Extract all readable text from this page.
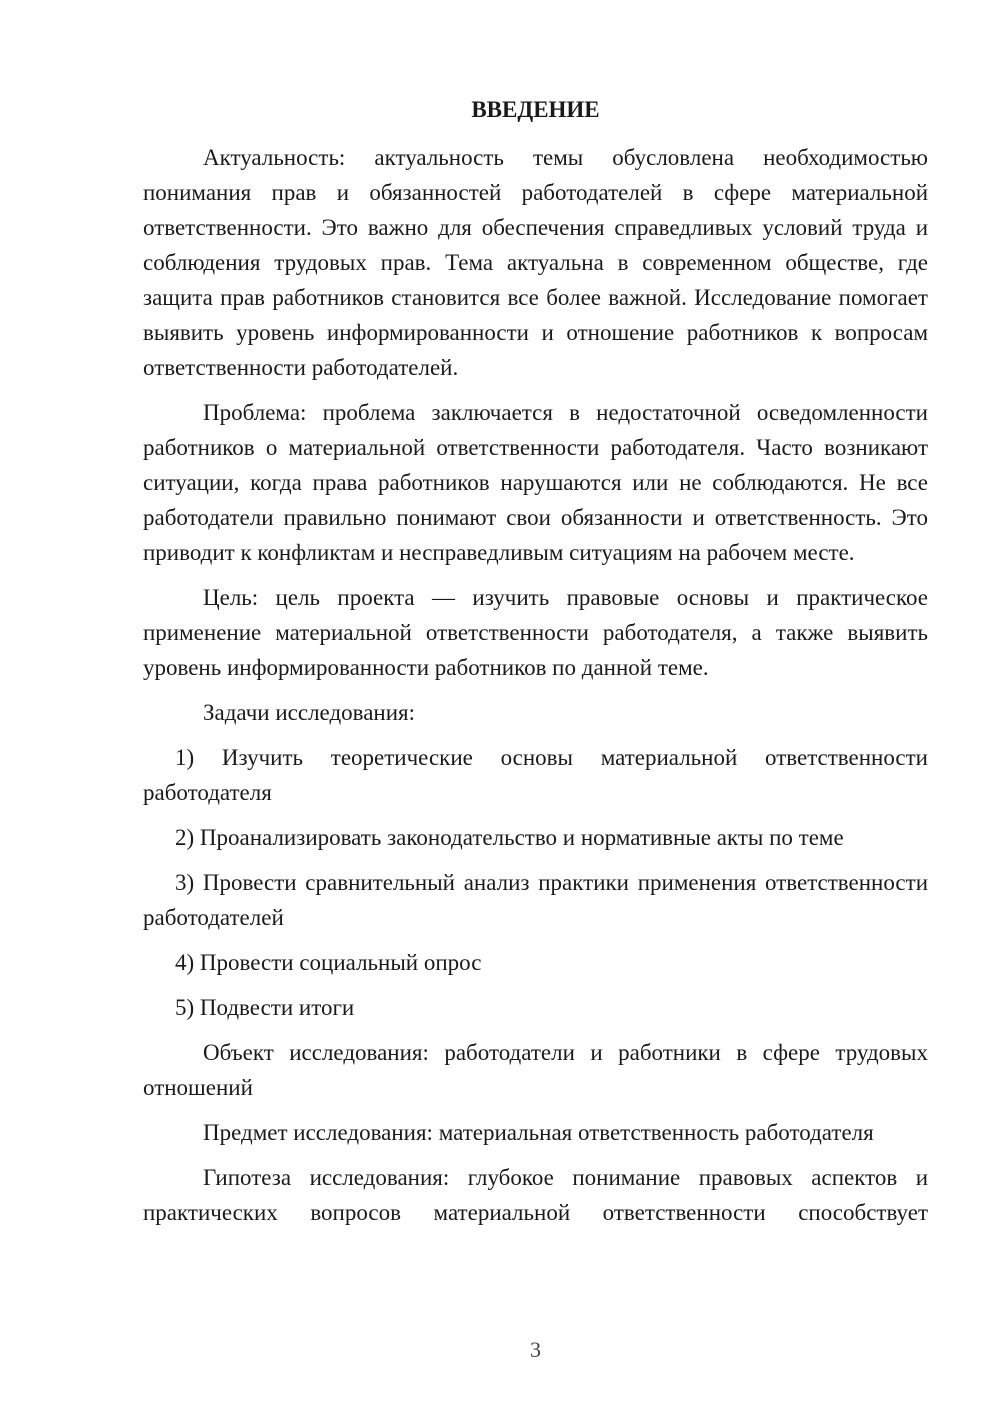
ВВЕДЕНИЕ

Актуальность: актуальность темы обусловлена необходимостью понимания прав и обязанностей работодателей в сфере материальной ответственности. Это важно для обеспечения справедливых условий труда и соблюдения трудовых прав. Тема актуальна в современном обществе, где защита прав работников становится все более важной. Исследование помогает выявить уровень информированности и отношение работников к вопросам ответственности работодателей.

Проблема: проблема заключается в недостаточной осведомленности работников о материальной ответственности работодателя. Часто возникают ситуации, когда права работников нарушаются или не соблюдаются. Не все работодатели правильно понимают свои обязанности и ответственность. Это приводит к конфликтам и несправедливым ситуациям на рабочем месте.

Цель: цель проекта — изучить правовые основы и практическое применение материальной ответственности работодателя, а также выявить уровень информированности работников по данной теме.

Задачи исследования:

1) Изучить теоретические основы материальной ответственности работодателя

2) Проанализировать законодательство и нормативные акты по теме

3) Провести сравнительный анализ практики применения ответственности работодателей

4) Провести социальный опрос

5) Подвести итоги

Объект исследования: работодатели и работники в сфере трудовых отношений

Предмет исследования: материальная ответственность работодателя

Гипотеза исследования: глубокое понимание правовых аспектов и практических вопросов материальной ответственности способствует

3
